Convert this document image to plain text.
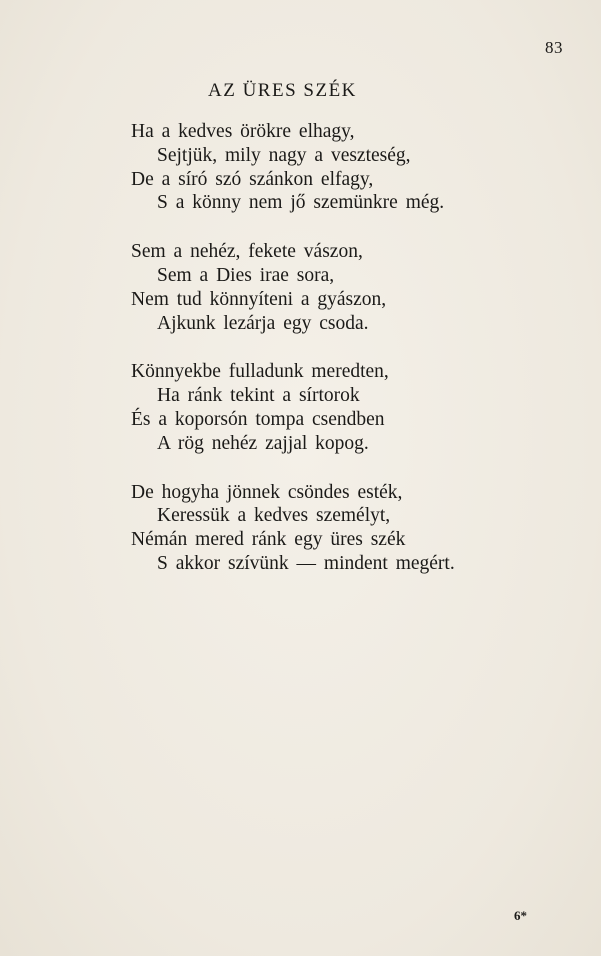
83
AZ ÜRES SZÉK
Ha a kedves örökre elhagy,
Sejtjük, mily nagy a veszteség,
De a síró szó szánkon elfagy,
S a könny nem jő szemünkre még.
Sem a nehéz, fekete vászon,
Sem a Dies irae sora,
Nem tud könnyíteni a gyászon,
Ajkunk lezárja egy csoda.
Könnyekbe fulladunk meredten,
Ha ránk tekint a sírtorok
És a koporsón tompa csendben
A rög nehéz zajjal kopog.
De hogyha jönnek csöndes esték,
Keressük a kedves személyt,
Némán mered ránk egy üres szék
S akkor szívünk — mindent megért.
6*
